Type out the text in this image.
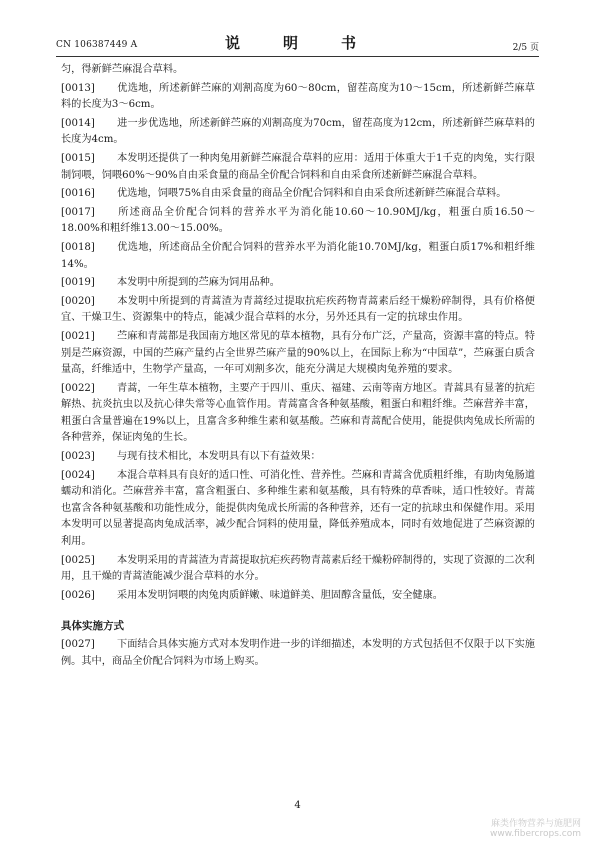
CN 106387449 A	说　明　书	2/5 页
匀，得新鲜苎麻混合草料。
[0013] 优选地，所述新鲜苎麻的刈割高度为60～80cm，留茬高度为10～15cm，所述新鲜苎麻草料的长度为3～6cm。
[0014] 进一步优选地，所述新鲜苎麻的刈割高度为70cm，留茬高度为12cm，所述新鲜苎麻草料的长度为4cm。
[0015] 本发明还提供了一种肉兔用新鲜苎麻混合草料的应用：适用于体重大于1千克的肉兔，实行限制饲喂，饲喂60%～90%自由采食量的商品全价配合饲料和自由采食所述新鲜苎麻混合草料。
[0016] 优选地，饲喂75%自由采食量的商品全价配合饲料和自由采食所述新鲜苎麻混合草料。
[0017] 所述商品全价配合饲料的营养水平为消化能10.60～10.90MJ/kg，粗蛋白质16.50～18.00%和粗纤维13.00～15.00%。
[0018] 优选地，所述商品全价配合饲料的营养水平为消化能10.70MJ/kg，粗蛋白质17%和粗纤维14%。
[0019] 本发明中所提到的苎麻为饲用品种。
[0020] 本发明中所提到的青蒿渣为青蒿经过提取抗疟疾药物青蒿素后经干燥粉碎制得，具有价格便宜、干燥卫生、资源集中的特点，能减少混合草料的水分，另外还具有一定的抗球虫作用。
[0021] 苎麻和青蒿都是我国南方地区常见的草本植物，具有分布广泛，产量高，资源丰富的特点。特别是苎麻资源，中国的苎麻产量约占全世界苎麻产量的90%以上，在国际上称为“中国草”，苎麻蛋白质含量高，纤维适中，生物学产量高，一年可刈割多次，能充分满足大规模肉兔养殖的要求。
[0022] 青蒿，一年生草本植物，主要产于四川、重庆、福建、云南等南方地区。青蒿具有显著的抗疟解热、抗炎抗虫以及抗心律失常等心血管作用。青蒿富含各种氨基酸，粗蛋白和粗纤维。苎麻营养丰富，粗蛋白含量普遍在19%以上，且富含多种维生素和氨基酸。苎麻和青蒿配合使用，能提供肉兔成长所需的各种营养，保证肉兔的生长。
[0023] 与现有技术相比，本发明具有以下有益效果：
[0024] 本混合草料具有良好的适口性、可消化性、营养性。苎麻和青蒿含优质粗纤维，有助肉兔肠道蠕动和消化。苎麻营养丰富，富含粗蛋白、多种维生素和氨基酸，具有特殊的草香味，适口性较好。青蒿也富含各种氨基酸和功能性成分，能提供肉兔成长所需的各种营养，还有一定的抗球虫和保健作用。采用本发明可以显著提高肉兔成活率，减少配合饲料的使用量，降低养殖成本，同时有效地促进了苎麻资源的利用。
[0025] 本发明采用的青蒿渣为青蒿提取抗疟疾药物青蒿素后经干燥粉碎制得的，实现了资源的二次利用，且干燥的青蒿渣能减少混合草料的水分。
[0026] 采用本发明饲喂的肉兔肉质鲜嫩、味道鲜美、胆固醇含量低，安全健康。
具体实施方式
[0027] 下面结合具体实施方式对本发明作进一步的详细描述，本发明的方式包括但不仅限于以下实施例。其中，商品全价配合饲料为市场上购买。
4
麻类作物营养与施肥网
www.fibercrops.com
